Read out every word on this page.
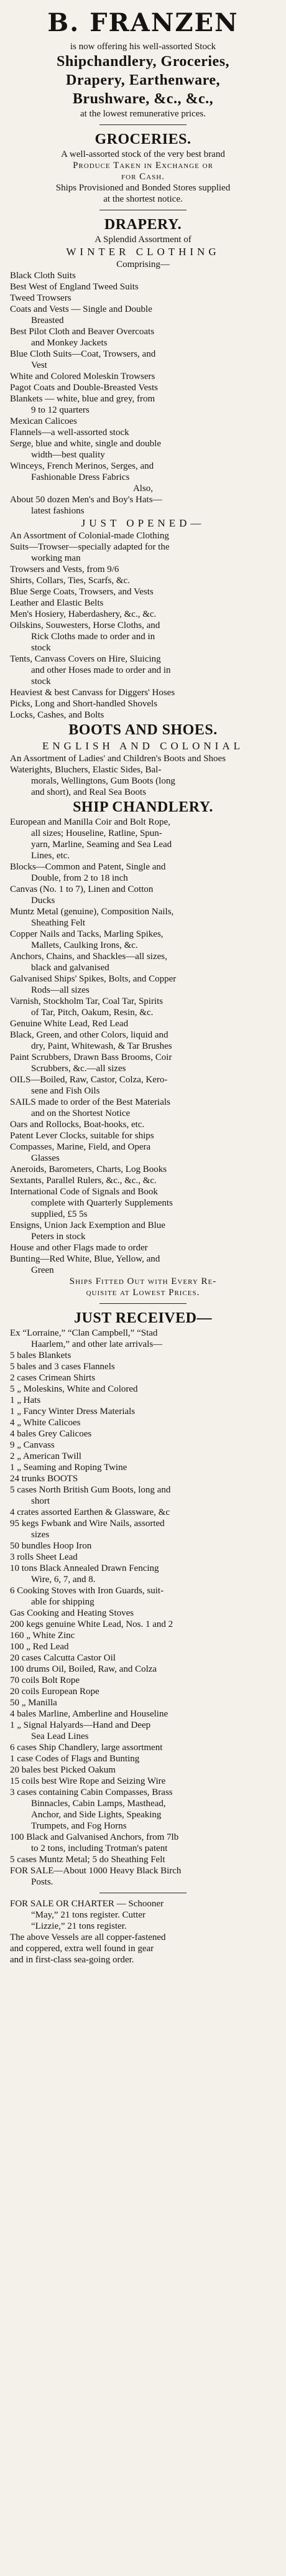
B. FRANZEN
is now offering his well-assorted Stock
Shipchandlery, Groceries,
Drapery, Earthenware,
Brushware, &c., &c.,
at the lowest remunerative prices.
GROCERIES.
A well-assorted stock of the very best brand
Produce Taken in Exchange or
for Cash.
Ships Provisioned and Bonded Stores supplied
at the shortest notice.
DRAPERY.
A Splendid Assortment of
WINTER CLOTHING
Comprising—
Black Cloth Suits
Best West of England Tweed Suits
Tweed Trowsers
Coats and Vests — Single and Double
Breasted
Best Pilot Cloth and Beaver Overcoats
and Monkey Jackets
Blue Cloth Suits—Coat, Trowsers, and
Vest
White and Colored Moleskin Trowsers
Pagot Coats and Double-Breasted Vests
Blankets — white, blue and grey, from
9 to 12 quarters
Mexican Calicoes
Flannels—a well-assorted stock
Serge, blue and white, single and double
width—best quality
Winceys, French Merinos, Serges, and
Fashionable Dress Fabrics
Also,
About 50 dozen Men's and Boy's Hats—
latest fashions
JUST OPENED—
An Assortment of Colonial-made Clothing
Suits—Trowser—specially adapted for the
working man
Trowsers and Vests, from 9/6
Shirts, Collars, Ties, Scarfs, &c.
Blue Serge Coats, Trowsers, and Vests
Leather and Elastic Belts
Men's Hosiery, Haberdashery, &c., &c.
Oilskins, Souwesters, Horse Cloths, and
Rick Cloths made to order and in
stock
Tents, Canvass Covers on Hire, Sluicing
and other Hoses made to order and in
stock
Heaviest & best Canvass for Diggers' Hoses
Picks, Long and Short-handled Shovels
Locks, Cashes, and Bolts
BOOTS AND SHOES.
ENGLISH AND COLONIAL
An Assortment of Ladies' and Children's Boots and Shoes
Waterights, Bluchers, Elastic Sides, Bal-
morals, Wellingtons, Gum Boots (long
and short), and Real Sea Boots
SHIP CHANDLERY.
European and Manilla Coir and Bolt Rope,
all sizes; Houseline, Ratline, Spun-
yarn, Marline, Seaming and Sea Lead
Lines, etc.
Blocks—Common and Patent, Single and
Double, from 2 to 18 inch
Canvas (No. 1 to 7), Linen and Cotton
Ducks
Muntz Metal (genuine), Composition Nails,
Sheathing Felt
Copper Nails and Tacks, Marling Spikes,
Mallets, Caulking Irons, &c.
Anchors, Chains, and Shackles—all sizes,
black and galvanised
Galvanised Ships' Spikes, Bolts, and Copper
Rods—all sizes
Varnish, Stockholm Tar, Coal Tar, Spirits
of Tar, Pitch, Oakum, Resin, &c.
Genuine White Lead, Red Lead
Black, Green, and other Colors, liquid and
dry, Paint, Whitewash, & Tar Brushes
Paint Scrubbers, Drawn Bass Brooms, Coir
Scrubbers, &c.—all sizes
OILS—Boiled, Raw, Castor, Colza, Kero-
sene and Fish Oils
SAILS made to order of the Best Materials
and on the Shortest Notice
Oars and Rollocks, Boat-hooks, etc.
Patent Lever Clocks, suitable for ships
Compasses, Marine, Field, and Opera
Glasses
Aneroids, Barometers, Charts, Log Books
Sextants, Parallel Rulers, &c., &c., &c.
International Code of Signals and Book
complete with Quarterly Supplements
supplied, £5 5s
Ensigns, Union Jack Exemption and Blue
Peters in stock
House and other Flags made to order
Bunting—Red White, Blue, Yellow, and
Green
Ships Fitted Out with Every Re-
quisite at Lowest Prices.
JUST RECEIVED—
Ex “Lorraine,” “Clan Campbell,” “Stad
Haarlem,” and other late arrivals—
5 bales Blankets
5 bales and 3 cases Flannels
2 cases Crimean Shirts
5 „ Moleskins, White and Colored
1 „ Hats
1 „ Fancy Winter Dress Materials
4 „ White Calicoes
4 bales Grey Calicoes
9 „ Canvass
2 „ American Twill
1 „ Seaming and Roping Twine
24 trunks BOOTS
5 cases North British Gum Boots, long and
short
4 crates assorted Earthen & Glassware, &c
95 kegs Fwbank and Wire Nails, assorted
sizes
50 bundles Hoop Iron
3 rolls Sheet Lead
10 tons Black Annealed Drawn Fencing
Wire, 6, 7, and 8.
6 Cooking Stoves with Iron Guards, suit-
able for shipping
Gas Cooking and Heating Stoves
200 kegs genuine White Lead, Nos. 1 and 2
160 „ White Zinc
100 „ Red Lead
20 cases Calcutta Castor Oil
100 drums Oil, Boiled, Raw, and Colza
70 coils Bolt Rope
20 coils European Rope
50 „ Manilla
4 bales Marline, Amberline and Houseline
1 „ Signal Halyards—Hand and Deep
Sea Lead Lines
6 cases Ship Chandlery, large assortment
1 case Codes of Flags and Bunting
20 bales best Picked Oakum
15 coils best Wire Rope and Seizing Wire
3 cases containing Cabin Compasses, Brass
Binnacles, Cabin Lamps, Masthead,
Anchor, and Side Lights, Speaking
Trumpets, and Fog Horns
100 Black and Galvanised Anchors, from 7lb
to 2 tons, including Trotman's patent
5 cases Muntz Metal; 5 do Sheathing Felt
FOR SALE—About 1000 Heavy Black Birch
Posts.
FOR SALE OR CHARTER — Schooner
“May,” 21 tons register. Cutter
“Lizzie,” 21 tons register.
The above Vessels are all copper-fastened
and coppered, extra well found in gear
and in first-class sea-going order.
